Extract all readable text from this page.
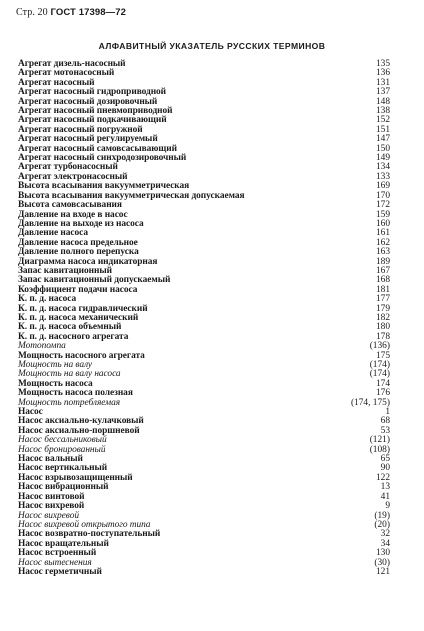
Стр. 20 ГОСТ 17398—72
АЛФАВИТНЫЙ УКАЗАТЕЛЬ РУССКИХ ТЕРМИНОВ
Агрегат дизель-насосный	135
Агрегат мотонасосный	136
Агрегат насосный	131
Агрегат насосный гидроприводной	137
Агрегат насосный дозировочный	148
Агрегат насосный пневмоприводной	138
Агрегат насосный подкачивающий	152
Агрегат насосный погружной	151
Агрегат насосный регулируемый	147
Агрегат насосный самовсасывающий	150
Агрегат насосный синхродозировочный	149
Агрегат турбонасосный	134
Агрегат электронасосный	133
Высота всасывания вакуумметрическая	169
Высота всасывания вакуумметрическая допускаемая	170
Высота самовсасывания	172
Давление на входе в насос	159
Давление на выходе из насоса	160
Давление насоса	161
Давление насоса предельное	162
Давление полного перепуска	163
Диаграмма насоса индикаторная	189
Запас кавитационный	167
Запас кавитационный допускаемый	168
Коэффициент подачи насоса	181
К. п. д. насоса	177
К. п. д. насоса гидравлический	179
К. п. д. насоса механический	182
К. п. д. насоса объемный	180
К. п. д. насосного агрегата	178
Мотопомпа	(136)
Мощность насосного агрегата	175
Мощность на валу	(174)
Мощность на валу насоса	(174)
Мощность насоса	174
Мощность насоса полезная	176
Мощность потребляемая	(174, 175)
Насос	1
Насос аксиально-кулачковый	68
Насос аксиально-поршневой	53
Насос бессальниковый	(121)
Насос бронированный	(108)
Насос вальный	65
Насос вертикальный	90
Насос взрывозащищенный	122
Насос вибрационный	13
Насос винтовой	41
Насос вихревой	9
Насос вихревой	(19)
Насос вихревой открытого типа	(20)
Насос возвратно-поступательный	32
Насос вращательный	34
Насос встроенный	130
Насос вытеснения	(30)
Насос герметичный	121
